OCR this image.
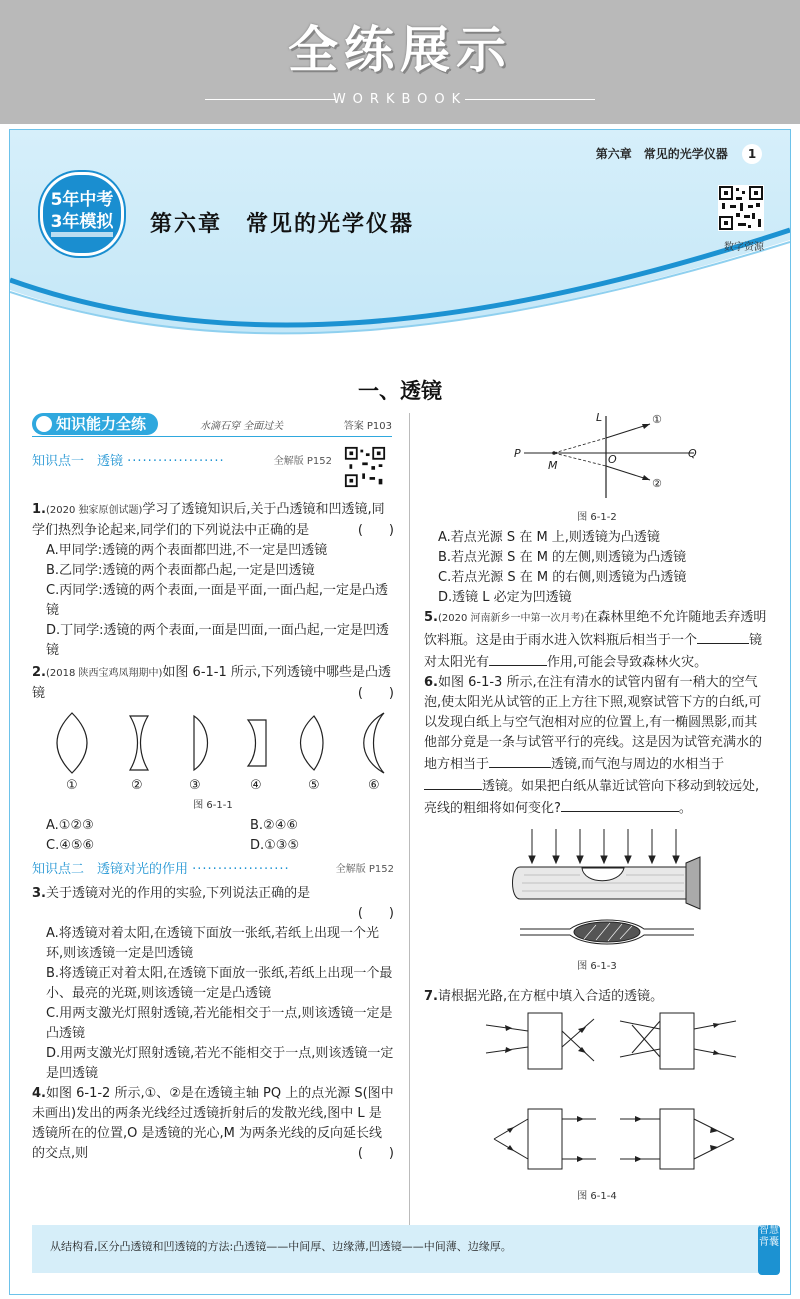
全练展示
WORKBOOK
第六章　常见的光学仪器 1
5年中考
3年模拟	第六章　常见的光学仪器
数字资源
一、透镜
知识能力全练	水滴石穿 全面过关	答案 P103
知识点一　透镜 ···················	全解版 P152
1.(2020 独家原创试题)学习了透镜知识后,关于凸透镜和凹透镜,同学们热烈争论起来,同学们的下列说法中正确的是	(　　)
A.甲同学:透镜的两个表面都凹进,不一定是凹透镜
B.乙同学:透镜的两个表面都凸起,一定是凹透镜
C.丙同学:透镜的两个表面,一面是平面,一面凸起,一定是凸透镜
D.丁同学:透镜的两个表面,一面是凹面,一面凸起,一定是凹透镜
2.(2018 陕西宝鸡凤翔期中)如图 6-1-1 所示,下列透镜中哪些是凸透镜	(　　)
①	②	③	④	⑤	⑥
图 6-1-1
A.①②③	B.②④⑥
C.④⑤⑥	D.①③⑤
知识点二　透镜对光的作用 ···················	全解版 P152
3.关于透镜对光的作用的实验,下列说法正确的是
(　　)
A.将透镜对着太阳,在透镜下面放一张纸,若纸上出现一个光环,则该透镜一定是凹透镜
B.将透镜正对着太阳,在透镜下面放一张纸,若纸上出现一个最小、最亮的光斑,则该透镜一定是凸透镜
C.用两支激光灯照射透镜,若光能相交于一点,则该透镜一定是凸透镜
D.用两支激光灯照射透镜,若光不能相交于一点,则该透镜一定是凹透镜
4.如图 6-1-2 所示,①、②是在透镜主轴 PQ 上的点光源 S(图中未画出)发出的两条光线经过透镜折射后的发散光线,图中 L 是透镜所在的位置,O 是透镜的光心,M 为两条光线的反向延长线的交点,则	(　　)
L	①
②
P
M	O	Q
图 6-1-2
A.若点光源 S 在 M 上,则透镜为凸透镜
B.若点光源 S 在 M 的左侧,则透镜为凸透镜
C.若点光源 S 在 M 的右侧,则透镜为凸透镜
D.透镜 L 必定为凹透镜
5.(2020 河南新乡一中第一次月考)在森林里绝不允许随地丢弃透明饮料瓶。这是由于雨水进入饮料瓶后相当于一个	镜对太阳光有	作用,可能会导致森林火灾。
6.如图 6-1-3 所示,在注有清水的试管内留有一稍大的空气泡,使太阳光从试管的正上方往下照,观察试管下方的白纸,可以发现白纸上与空气泡相对应的位置上,有一椭圆黑影,而其他部分竟是一条与试管平行的亮线。这是因为试管充满水的地方相当于	透镜,而气泡与周边的水相当于透镜。如果把白纸从靠近试管向下移动到较远处,亮线的粗细将如何变化?	。
图 6-1-3
7.请根据光路,在方框中填入合适的透镜。
图 6-1-4
从结构看,区分凸透镜和凹透镜的方法:凸透镜——中间厚、边缘薄,凹透镜——中间薄、边缘厚。
智慧背囊
